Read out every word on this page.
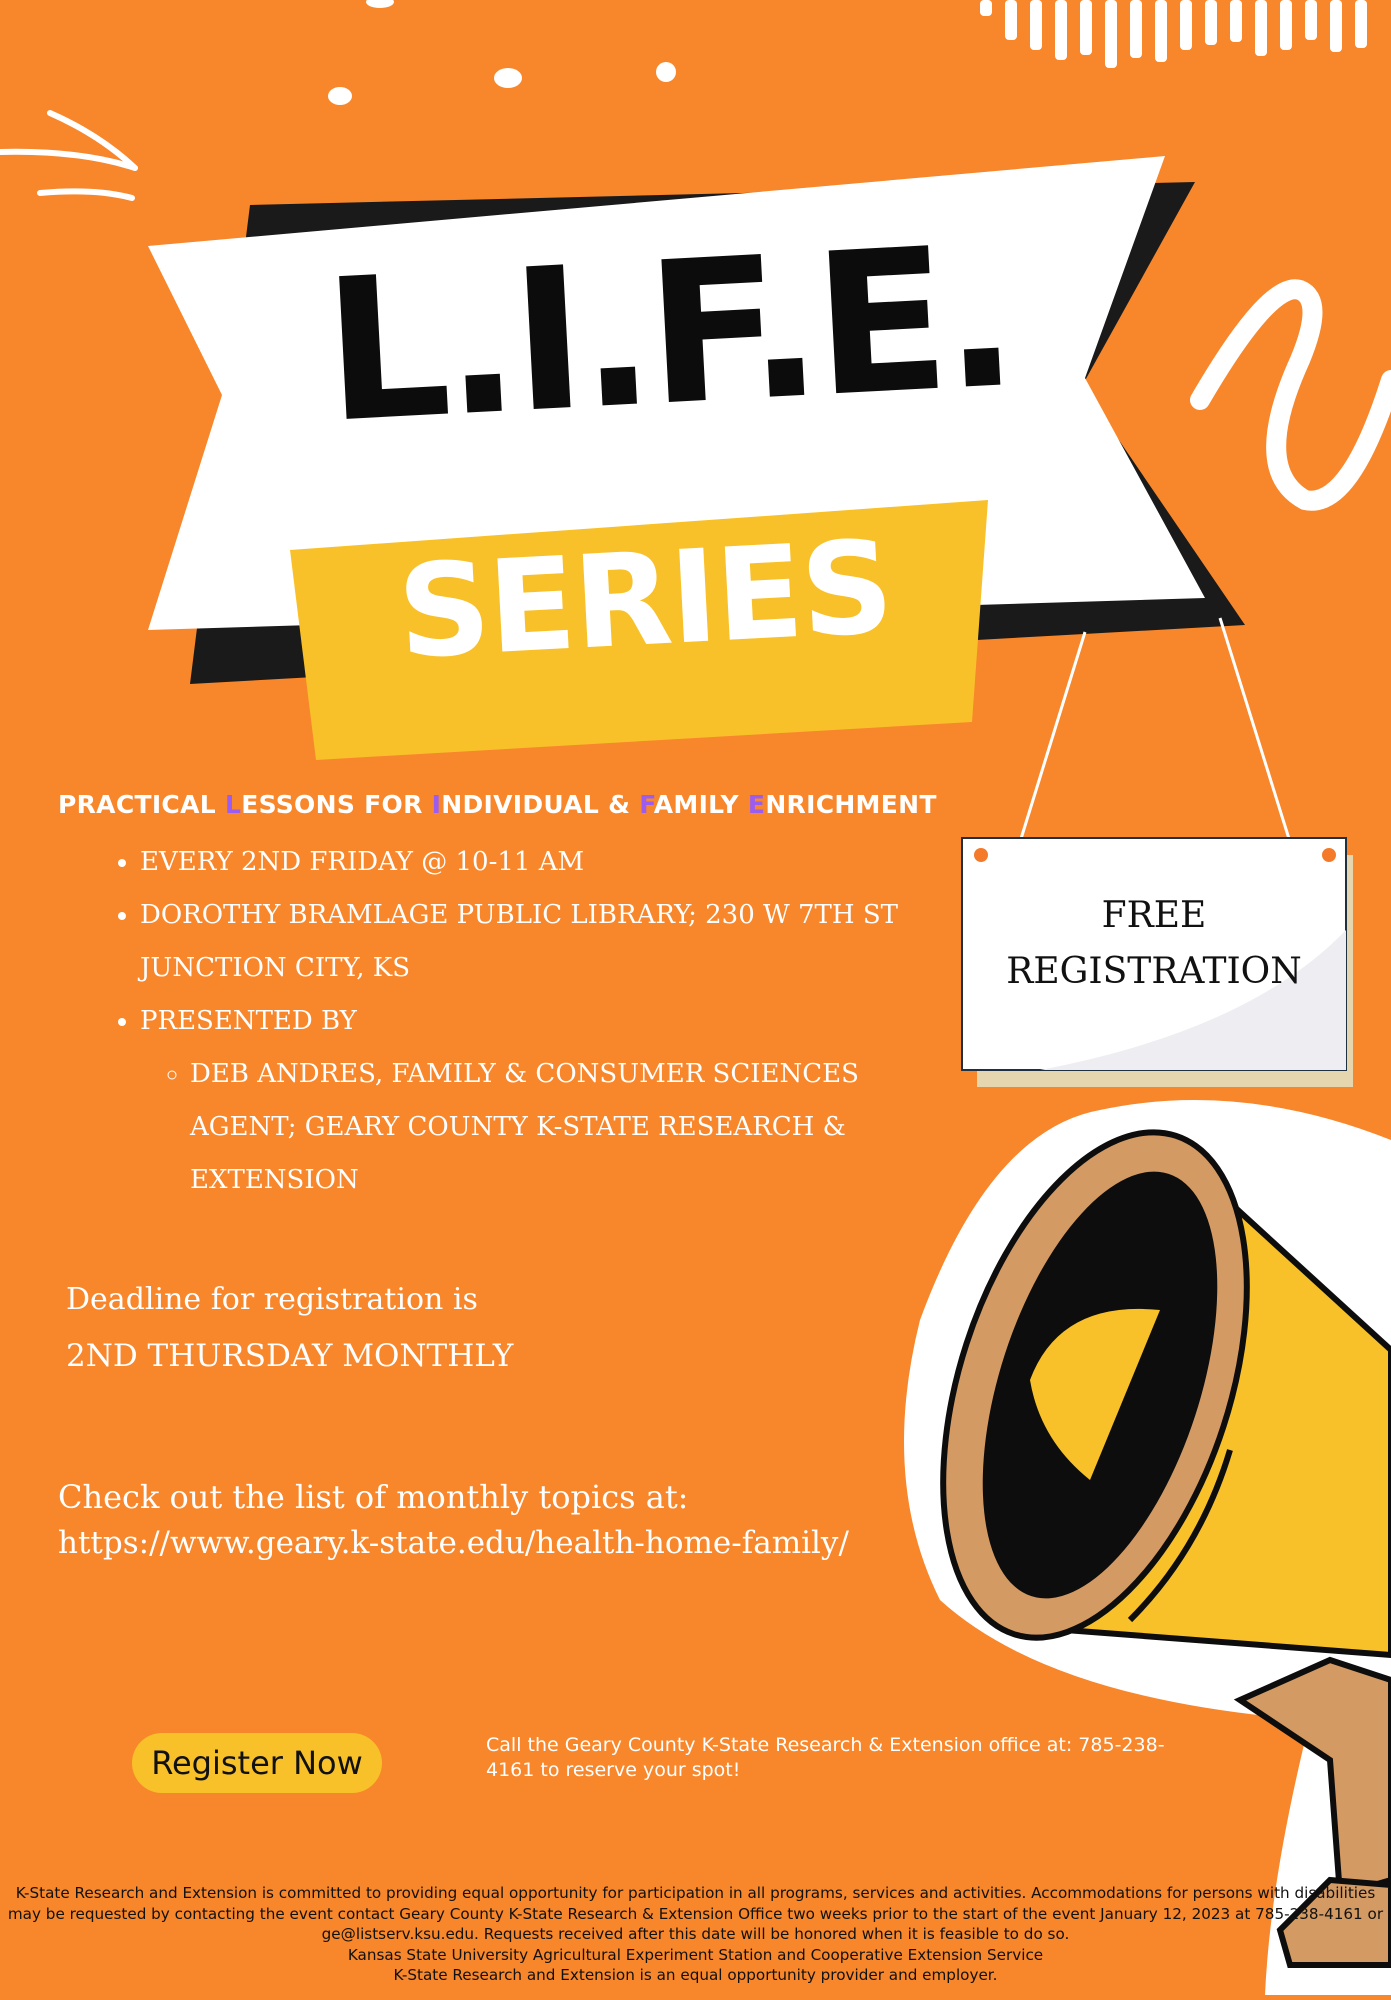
L.I.F.E.
SERIES
PRACTICAL LESSONS FOR INDIVIDUAL & FAMILY ENRICHMENT
• EVERY 2ND FRIDAY @ 10-11 AM
• DOROTHY BRAMLAGE PUBLIC LIBRARY; 230 W 7TH ST JUNCTION CITY, KS
• PRESENTED BY
◦ DEB ANDRES, FAMILY & CONSUMER SCIENCES AGENT; GEARY COUNTY K-STATE RESEARCH & EXTENSION
FREE
REGISTRATION
Deadline for registration is
2ND THURSDAY MONTHLY
Check out the list of monthly topics at:
https://www.geary.k-state.edu/health-home-family/
Register Now	Call the Geary County K-State Research & Extension office at: 785-238-4161 to reserve your spot!

K-State Research and Extension is committed to providing equal opportunity for participation in all programs, services and activities. Accommodations for persons with disabilities may be requested by contacting the event contact Geary County K-State Research & Extension Office two weeks prior to the start of the event January 12, 2023 at 785-238-4161 or ge@listserv.ksu.edu. Requests received after this date will be honored when it is feasible to do so.

Kansas State University Agricultural Experiment Station and Cooperative Extension Service

K-State Research and Extension is an equal opportunity provider and employer.
